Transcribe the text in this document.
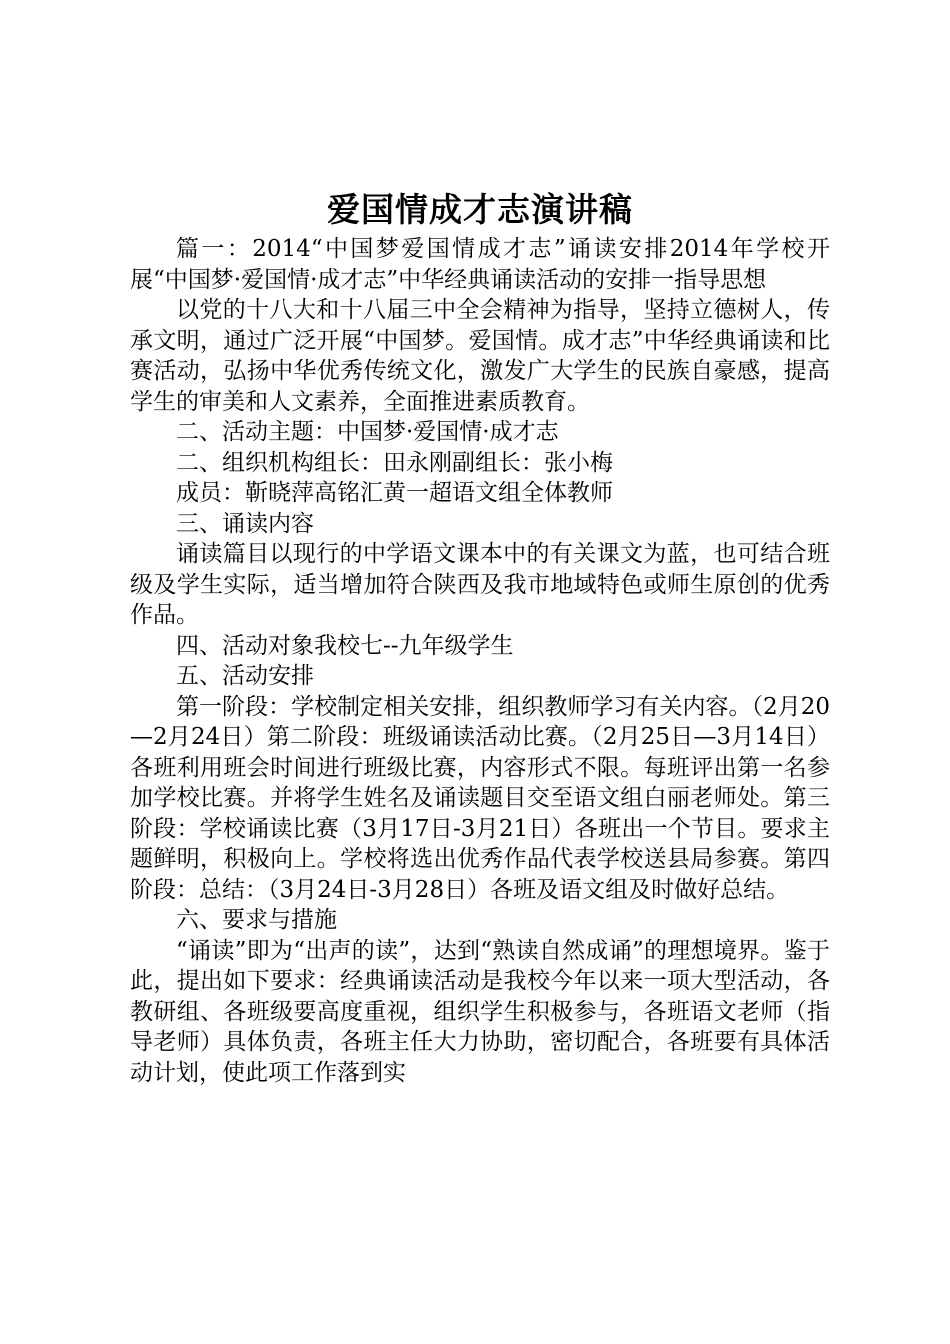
爱国情成才志演讲稿

篇一：2014“中国梦爱国情成才志”诵读安排2014年学校开展“中国梦·爱国情·成才志”中华经典诵读活动的安排一指导思想

以党的十八大和十八届三中全会精神为指导，坚持立德树人，传承文明，通过广泛开展“中国梦。爱国情。成才志”中华经典诵读和比赛活动，弘扬中华优秀传统文化，激发广大学生的民族自豪感，提高学生的审美和人文素养，全面推进素质教育。

二、活动主题：中国梦·爱国情·成才志

二、组织机构组长：田永刚副组长：张小梅

成员：靳晓萍高铭汇黄一超语文组全体教师

三、诵读内容

诵读篇目以现行的中学语文课本中的有关课文为蓝，也可结合班级及学生实际，适当增加符合陕西及我市地域特色或师生原创的优秀作品。

四、活动对象我校七--九年级学生

五、活动安排

第一阶段：学校制定相关安排，组织教师学习有关内容。（2月20—2月24日）第二阶段：班级诵读活动比赛。（2月25日—3月14日）各班利用班会时间进行班级比赛，内容形式不限。每班评出第一名参加学校比赛。并将学生姓名及诵读题目交至语文组白丽老师处。第三阶段：学校诵读比赛（3月17日-3月21日）各班出一个节目。要求主题鲜明，积极向上。学校将选出优秀作品代表学校送县局参赛。第四阶段：总结：（3月24日-3月28日）各班及语文组及时做好总结。

六、要求与措施

“诵读”即为“出声的读”，达到“熟读自然成诵”的理想境界。鉴于此，提出如下要求：经典诵读活动是我校今年以来一项大型活动，各教研组、各班级要高度重视，组织学生积极参与，各班语文老师（指导老师）具体负责，各班主任大力协助，密切配合，各班要有具体活动计划，使此项工作落到实
